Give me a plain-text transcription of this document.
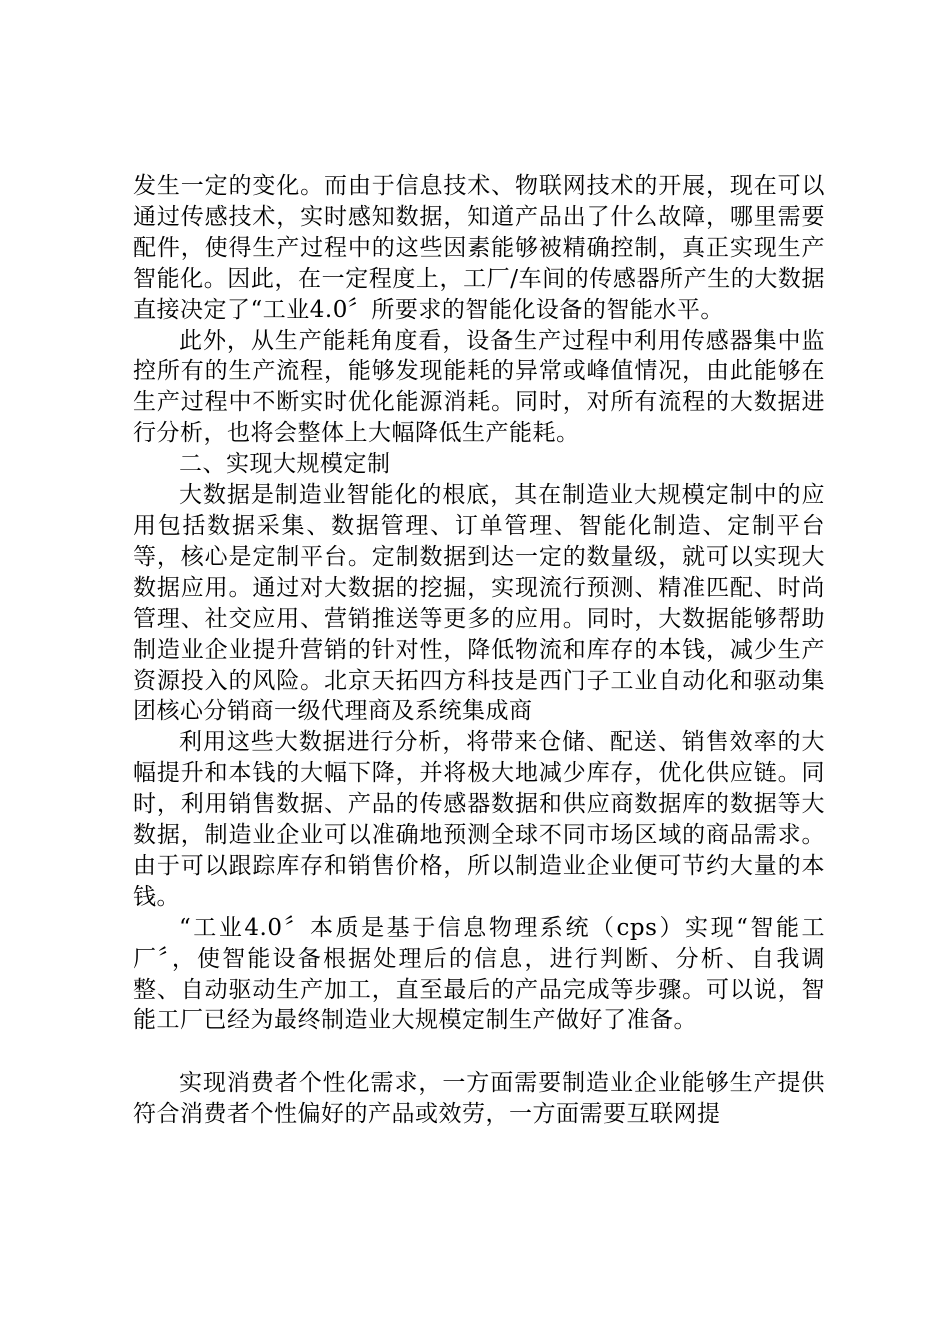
发生一定的变化。而由于信息技术、物联网技术的开展，现在可以通过传感技术，实时感知数据，知道产品出了什么故障，哪里需要配件，使得生产过程中的这些因素能够被精确控制，真正实现生产智能化。因此，在一定程度上，工厂/车间的传感器所产生的大数据直接决定了“工业4.0〞所要求的智能化设备的智能水平。

此外，从生产能耗角度看，设备生产过程中利用传感器集中监控所有的生产流程，能够发现能耗的异常或峰值情况，由此能够在生产过程中不断实时优化能源消耗。同时，对所有流程的大数据进行分析，也将会整体上大幅降低生产能耗。

二、实现大规模定制

大数据是制造业智能化的根底，其在制造业大规模定制中的应用包括数据采集、数据管理、订单管理、智能化制造、定制平台等，核心是定制平台。定制数据到达一定的数量级，就可以实现大数据应用。通过对大数据的挖掘，实现流行预测、精准匹配、时尚管理、社交应用、营销推送等更多的应用。同时，大数据能够帮助制造业企业提升营销的针对性，降低物流和库存的本钱，减少生产资源投入的风险。北京天拓四方科技是西门子工业自动化和驱动集团核心分销商一级代理商及系统集成商

利用这些大数据进行分析，将带来仓储、配送、销售效率的大幅提升和本钱的大幅下降，并将极大地减少库存，优化供应链。同时，利用销售数据、产品的传感器数据和供应商数据库的数据等大数据，制造业企业可以准确地预测全球不同市场区域的商品需求。由于可以跟踪库存和销售价格，所以制造业企业便可节约大量的本钱。

“工业4.0〞本质是基于信息物理系统（cps）实现“智能工厂〞，使智能设备根据处理后的信息，进行判断、分析、自我调整、自动驱动生产加工，直至最后的产品完成等步骤。可以说，智能工厂已经为最终制造业大规模定制生产做好了准备。

实现消费者个性化需求，一方面需要制造业企业能够生产提供符合消费者个性偏好的产品或效劳，一方面需要互联网提
